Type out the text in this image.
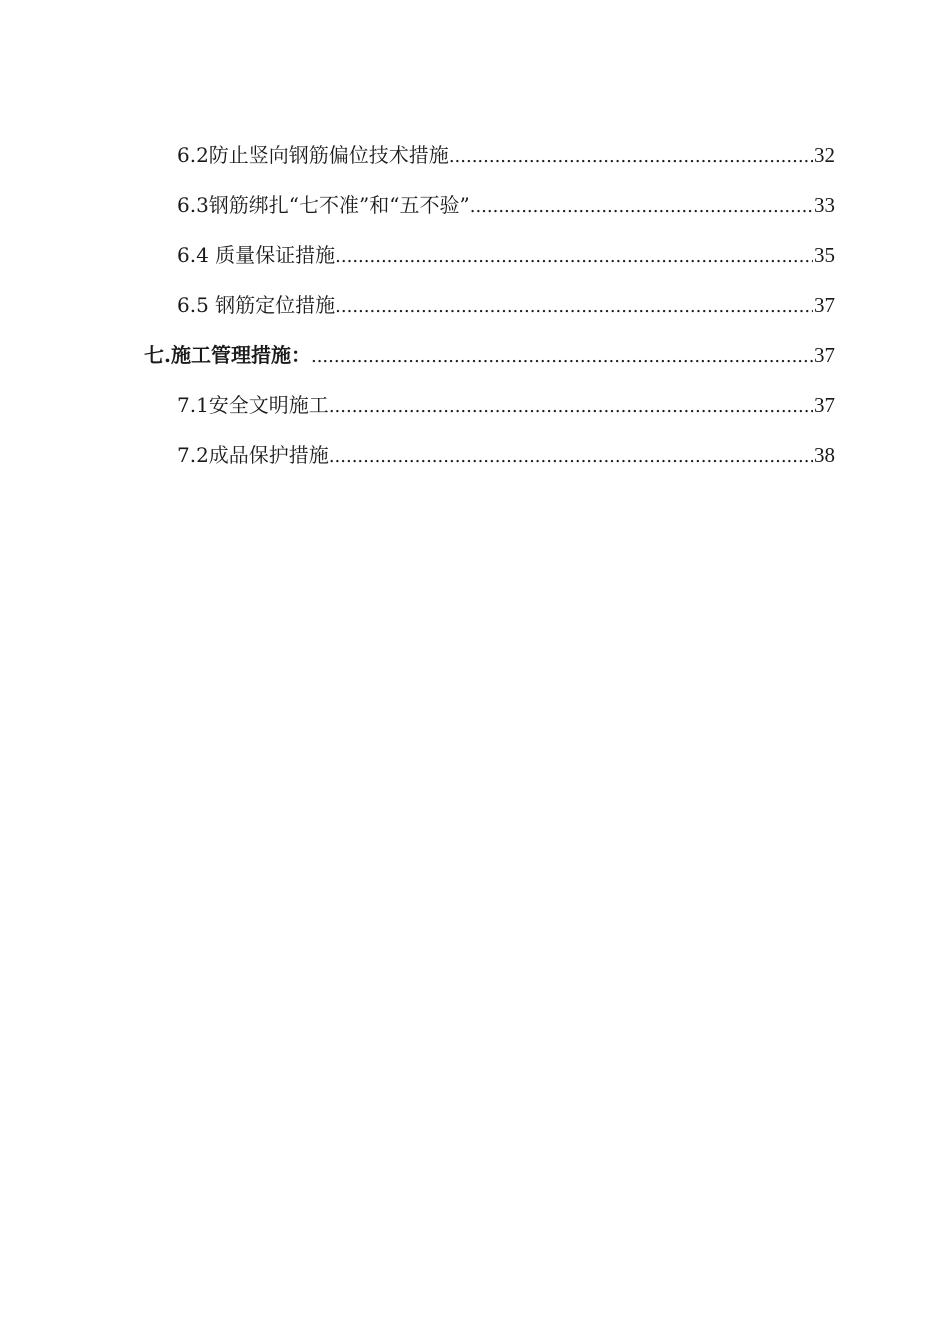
6.2防止竖向钢筋偏位技术措施 .....	32
6.3钢筋绑扎“七不准”和“五不验” .....	33
6.4 质量保证措施 .....	35
6.5 钢筋定位措施 .....	37
七.施工管理措施： .....	37
7.1安全文明施工 .....	37
7.2成品保护措施 .....	38
